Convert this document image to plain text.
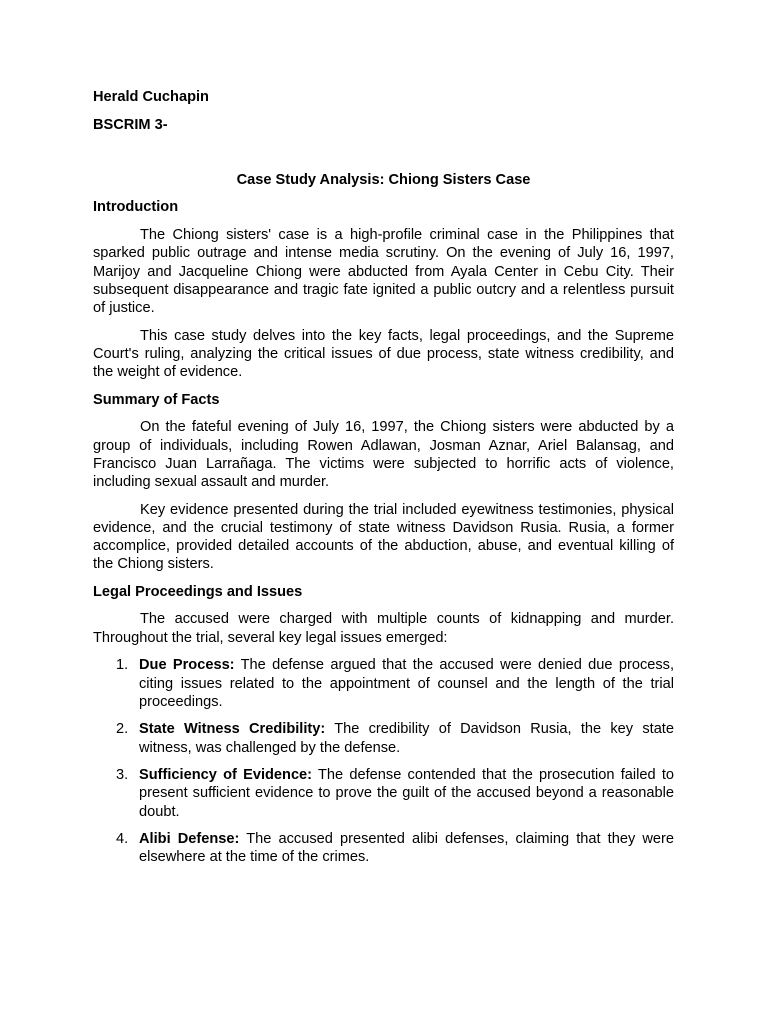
Herald Cuchapin
BSCRIM 3-
Case Study Analysis: Chiong Sisters Case
Introduction

The Chiong sisters' case is a high-profile criminal case in the Philippines that sparked public outrage and intense media scrutiny. On the evening of July 16, 1997, Marijoy and Jacqueline Chiong were abducted from Ayala Center in Cebu City. Their subsequent disappearance and tragic fate ignited a public outcry and a relentless pursuit of justice.

This case study delves into the key facts, legal proceedings, and the Supreme Court's ruling, analyzing the critical issues of due process, state witness credibility, and the weight of evidence.

Summary of Facts

On the fateful evening of July 16, 1997, the Chiong sisters were abducted by a group of individuals, including Rowen Adlawan, Josman Aznar, Ariel Balansag, and Francisco Juan Larrañaga. The victims were subjected to horrific acts of violence, including sexual assault and murder.

Key evidence presented during the trial included eyewitness testimonies, physical evidence, and the crucial testimony of state witness Davidson Rusia. Rusia, a former accomplice, provided detailed accounts of the abduction, abuse, and eventual killing of the Chiong sisters.

Legal Proceedings and Issues

The accused were charged with multiple counts of kidnapping and murder. Throughout the trial, several key legal issues emerged:

1. Due Process: The defense argued that the accused were denied due process, citing issues related to the appointment of counsel and the length of the trial proceedings.
2. State Witness Credibility: The credibility of Davidson Rusia, the key state witness, was challenged by the defense.
3. Sufficiency of Evidence: The defense contended that the prosecution failed to present sufficient evidence to prove the guilt of the accused beyond a reasonable doubt.
4. Alibi Defense: The accused presented alibi defenses, claiming that they were elsewhere at the time of the crimes.
